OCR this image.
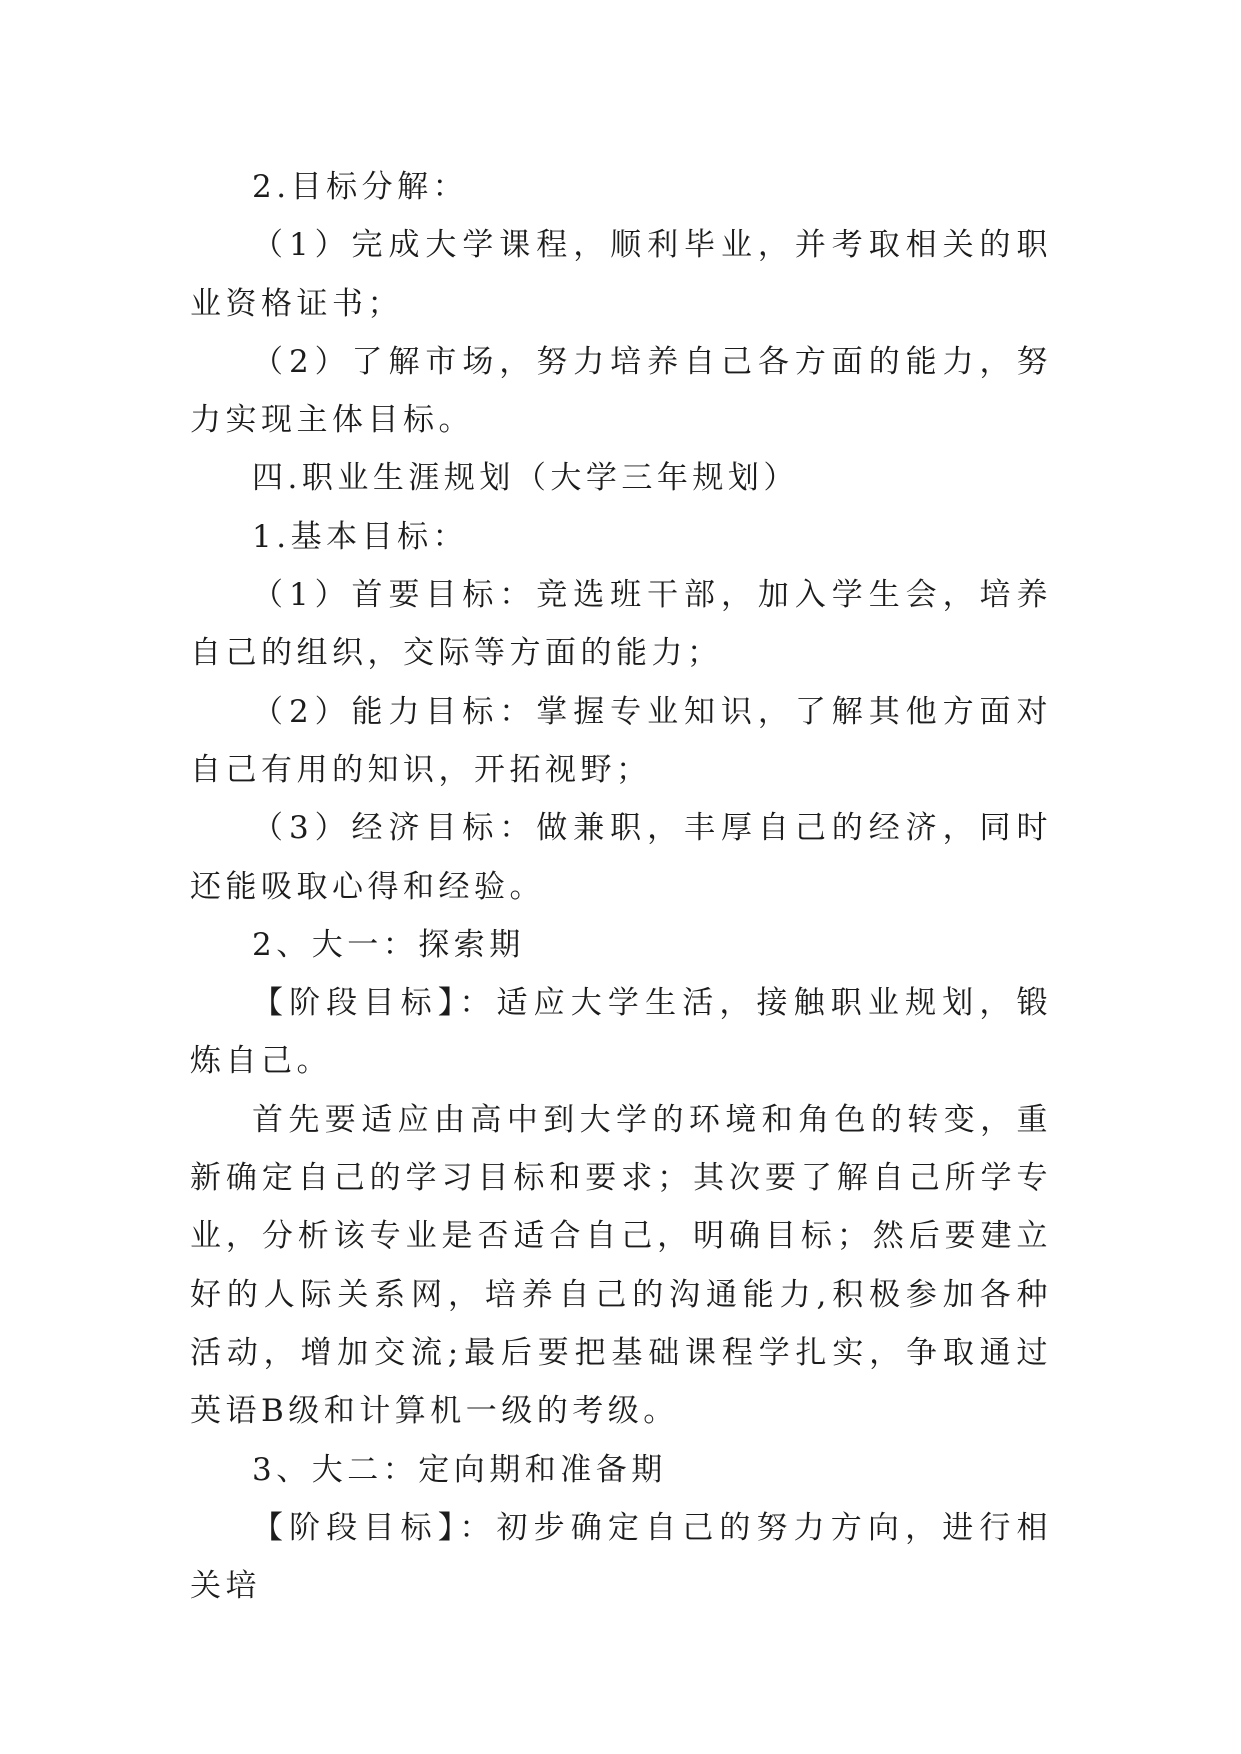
2.目标分解：

（1）完成大学课程，顺利毕业，并考取相关的职业资格证书；

（2）了解市场，努力培养自己各方面的能力，努力实现主体目标。

四.职业生涯规划（大学三年规划）

1.基本目标：

（1）首要目标：竞选班干部，加入学生会，培养自己的组织，交际等方面的能力；

（2）能力目标：掌握专业知识，了解其他方面对自己有用的知识，开拓视野；

（3）经济目标：做兼职，丰厚自己的经济，同时还能吸取心得和经验。

2、大一：探索期

【阶段目标】：适应大学生活，接触职业规划，锻炼自己。

首先要适应由高中到大学的环境和角色的转变，重新确定自己的学习目标和要求；其次要了解自己所学专业，分析该专业是否适合自己，明确目标；然后要建立好的人际关系网，培养自己的沟通能力,积极参加各种活动，增加交流;最后要把基础课程学扎实，争取通过英语B级和计算机一级的考级。

3、大二：定向期和准备期

【阶段目标】：初步确定自己的努力方向，进行相关培
